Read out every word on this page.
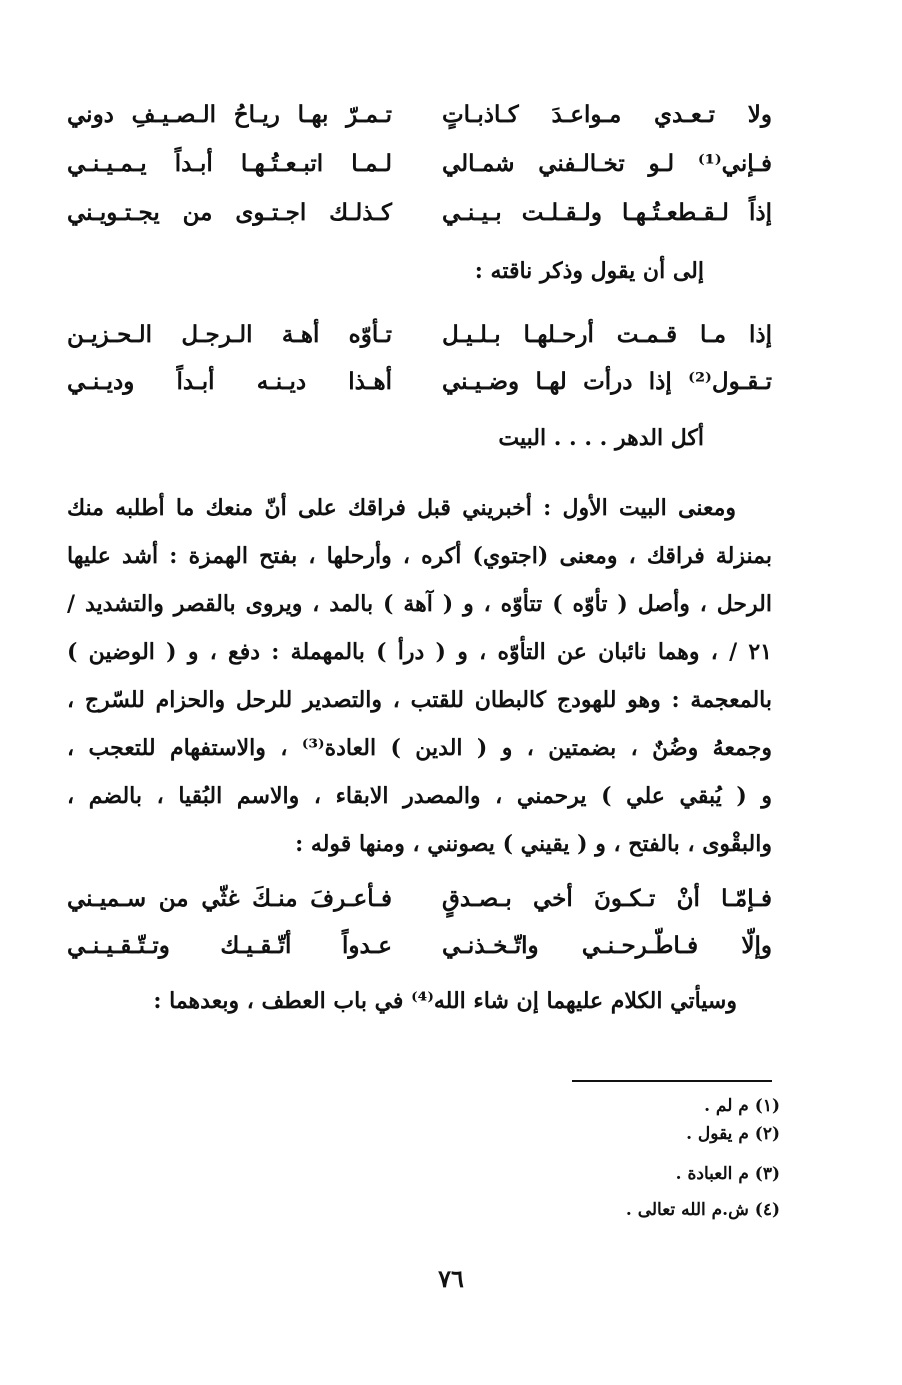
ولا تـعـدي مـواعـدَ كـاذبـاتٍ
تـمـرّ بهـا ريـاحُ الـصـيـفِ دوني
فـإني⁽¹⁾ لـو تخـالـفني شمـالي
لـمـا اتبـعـتُـهـا أبـداً يـمـيـنـي
إذاً لـقـطعـتُـهـا ولـقـلـت بـيـنـي
كـذلـك اجـتـوى من يجـتـويـني
إلى أن يقول وذكر ناقته :
إذا مـا قـمـت أرحـلهـا بـلـيـل
تـأوّه أهـة الـرجـل الـحـزيـن
تـقـول⁽²⁾ إذا درأت لهـا وضـيـني
أهـذا ديـنـه أبـداً وديـنـي
أكل الدهر . . . . البيت
ومعنى البيت الأول : أخبريني قبل فراقك على أنّ منعك ما أطلبه منك
بمنزلة فراقك ، ومعنى (اجتوي) أكره ، وأرحلها ، بفتح الهمزة : أشد عليها
الرحل ، وأصل ( تأوّه ) تتأوّه ، و ( آهة ) بالمد ، ويروى بالقصر والتشديد /
٢١ / ، وهما نائبان عن التأوّه ، و ( درأ ) بالمهملة : دفع ، و ( الوضين )
بالمعجمة : وهو للهودج كالبطان للقتب ، والتصدير للرحل والحزام للسّرج ،
وجمعهُ وضُنٌ ، بضمتين ، و ( الدين ) العادة⁽³⁾ ، والاستفهام للتعجب ،
و ( يُبقي علي ) يرحمني ، والمصدر الابقاء ، والاسم البُقيا ، بالضم ،
والبقْوى ، بالفتح ، و ( يقيني ) يصونني ، ومنها قوله :
فـإمّـا أنْ تـكـونَ أخي بـصـدقٍ
فـأعـرفَ منـكَ غثّي من سـميـني
وإلّا فـاطّـرحـنـي واتّـخـذنـي
عـدواً أتّـقـيـك وتـتّـقـيـنـي
وسيأتي الكلام عليهما إن شاء الله⁽⁴⁾ في باب العطف ، وبعدهما :
(١) م لم .
(٢) م يقول .
(٣) م العبادة .
(٤) ش.م الله تعالى .
٧٦
